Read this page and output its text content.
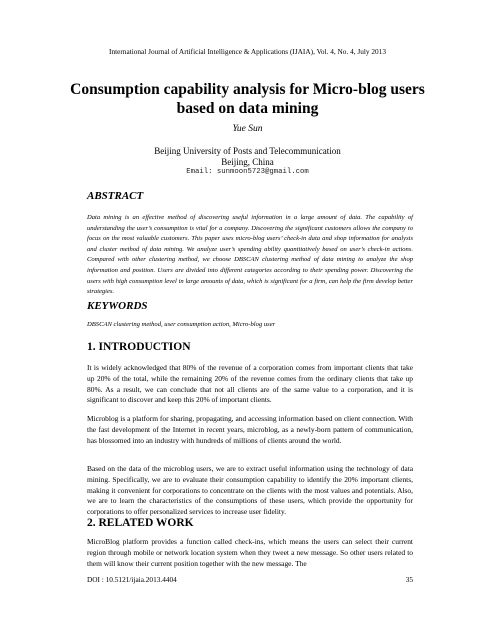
International Journal of Artificial Intelligence & Applications (IJAIA), Vol. 4, No. 4, July 2013
Consumption capability analysis for Micro-blog users based on data mining
Yue Sun
Beijing University of Posts and Telecommunication
Beijing, China
Email: sunmoon5723@gmail.com
ABSTRACT

Data mining is an effective method of discovering useful information in a large amount of data. The capability of understanding the user’s consumption is vital for a company. Discovering the significant customers allows the company to focus on the most valuable customers. This paper uses micro-blog users’ check-in data and shop information for analysis and cluster method of data mining. We analyze user’s spending ability quantitatively based on user’s check-in actions. Compared with other clustering method, we choose DBSCAN clustering method of data mining to analyze the shop information and position. Users are divided into different categories according to their spending power. Discovering the users with high consumption level in large amounts of data, which is significant for a firm, can help the firm develop better strategies.

KEYWORDS

DBSCAN clustering method, user consumption action, Micro-blog user

1. INTRODUCTION

It is widely acknowledged that 80% of the revenue of a corporation comes from important clients that take up 20% of the total, while the remaining 20% of the revenue comes from the ordinary clients that take up 80%. As a result, we can conclude that not all clients are of the same value to a corporation, and it is significant to discover and keep this 20% of important clients.

Microblog is a platform for sharing, propagating, and accessing information based on client connection. With the fast development of the Internet in recent years, microblog, as a newly-born pattern of communication, has blossomed into an industry with hundreds of millions of clients around the world.

Based on the data of the microblog users, we are to extract useful information using the technology of data mining. Specifically, we are to evaluate their consumption capability to identify the 20% important clients, making it convenient for corporations to concentrate on the clients with the most values and potentials. Also, we are to learn the characteristics of the consumptions of these users, which provide the opportunity for corporations to offer personalized services to increase user fidelity.

2. RELATED WORK

MicroBlog platform provides a function called check-ins, which means the users can select their current region through mobile or network location system when they tweet a new message. So other users related to them will know their current position together with the new message. The

DOI : 10.5121/ijaia.2013.4404	35
